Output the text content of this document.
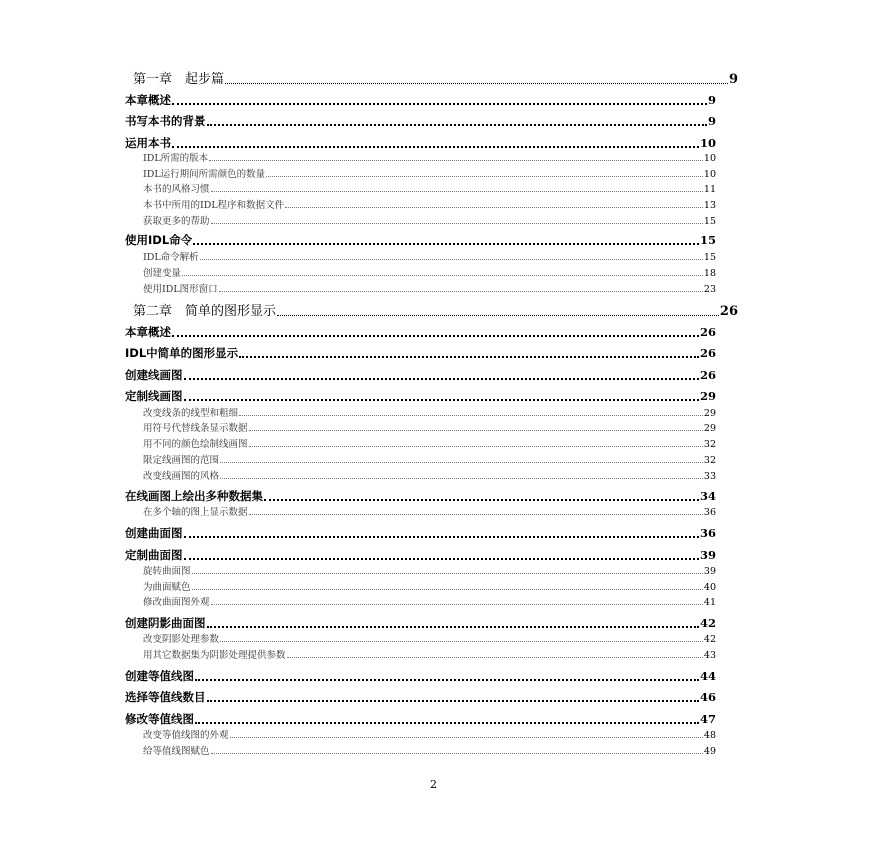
第一章　起步篇	9
本章概述	9
书写本书的背景	9
运用本书	10
IDL所需的版本	10
IDL运行期间所需颜色的数量	10
本书的风格习惯	11
本书中所用的IDL程序和数据文件	13
获取更多的帮助	15
使用IDL命令	15
IDL命令解析	15
创建变量	18
使用IDL图形窗口	23
第二章　简单的图形显示	26
本章概述	26
IDL中简单的图形显示	26
创建线画图	26
定制线画图	29
改变线条的线型和粗细	29
用符号代替线条显示数据	29
用不同的颜色绘制线画图	32
限定线画图的范围	32
改变线画图的风格	33
在线画图上绘出多种数据集	34
在多个轴的图上显示数据	36
创建曲面图	36
定制曲面图	39
旋转曲面图	39
为曲面赋色	40
修改曲面图外观	41
创建阴影曲面图	42
改变阴影处理参数	42
用其它数据集为阴影处理提供参数	43
创建等值线图	44
选择等值线数目	46
修改等值线图	47
改变等值线图的外观	48
给等值线图赋色	49
2
